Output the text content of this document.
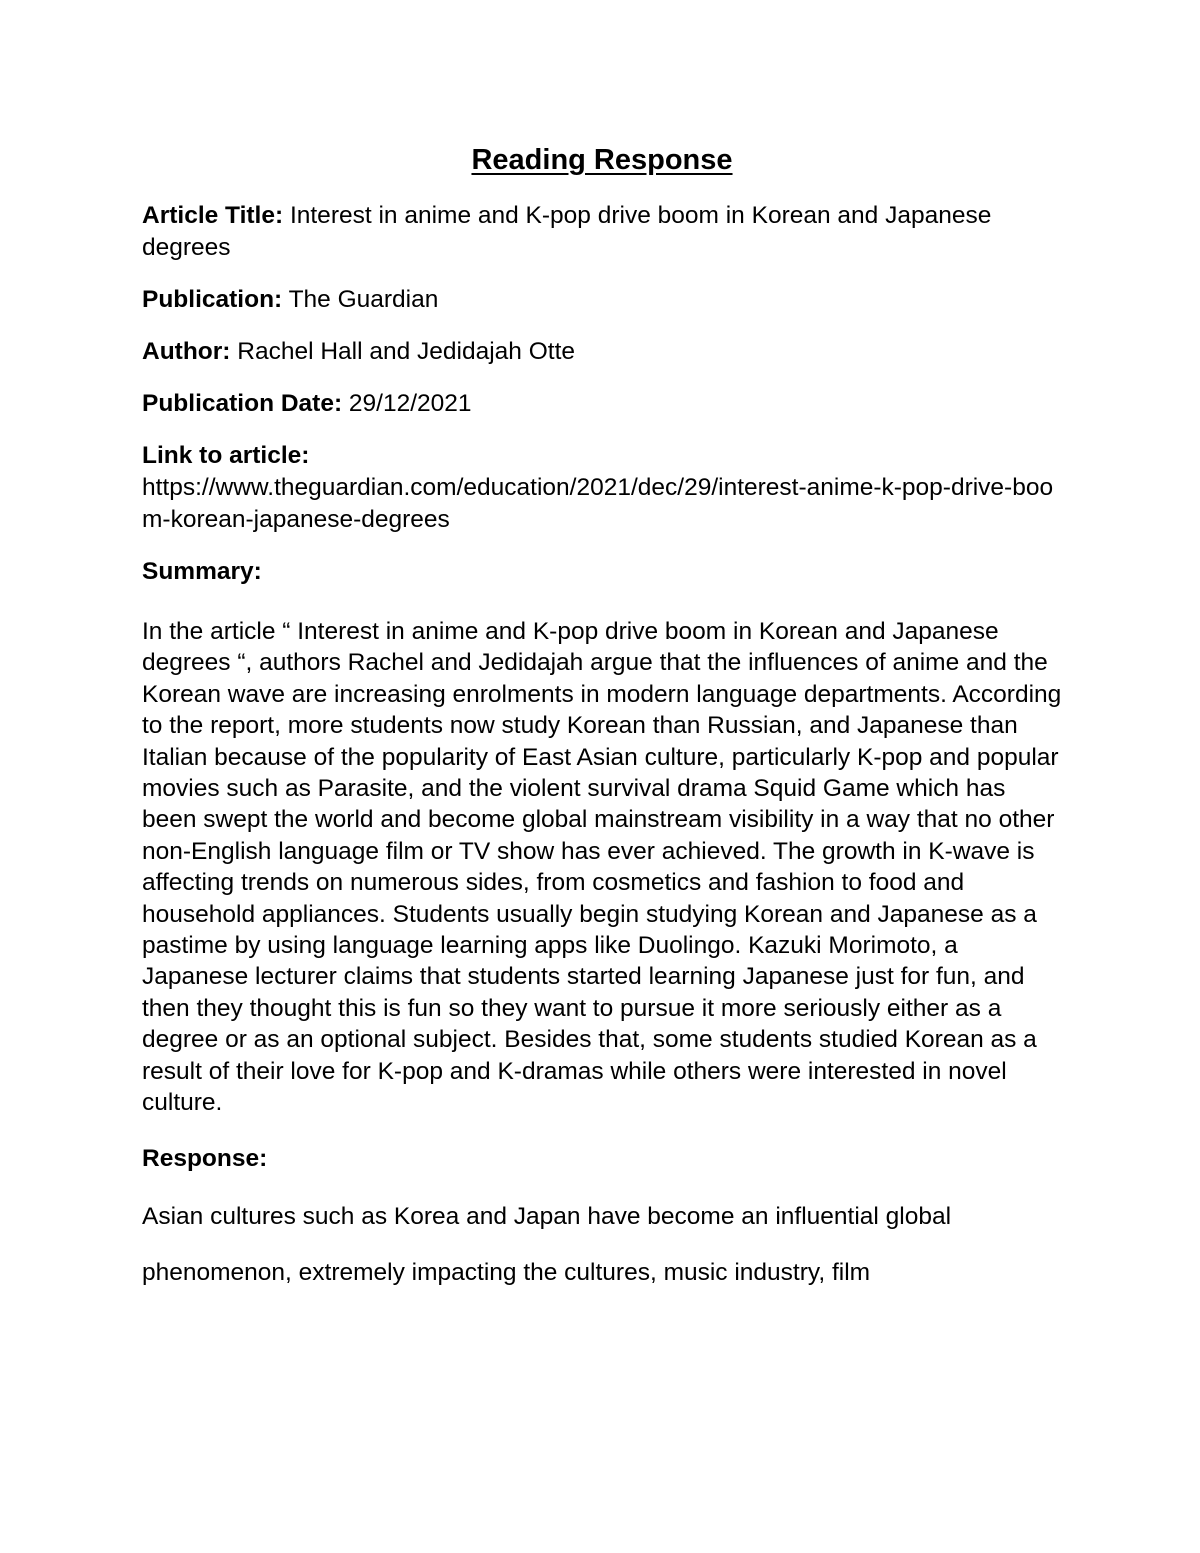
Reading Response
Article Title: Interest in anime and K-pop drive boom in Korean and Japanese degrees
Publication: The Guardian
Author: Rachel Hall and Jedidajah Otte
Publication Date: 29/12/2021
Link to article:
https://www.theguardian.com/education/2021/dec/29/interest-anime-k-pop-drive-boom-korean-japanese-degrees
Summary:
In the article “ Interest in anime and K-pop drive boom in Korean and Japanese degrees “, authors Rachel and Jedidajah argue that the influences of anime and the Korean wave are increasing enrolments in modern language departments. According to the report, more students now study Korean than Russian, and Japanese than Italian because of the popularity of East Asian culture, particularly K-pop and popular movies such as Parasite, and the violent survival drama Squid Game which has been swept the world and become global mainstream visibility in a way that no other non-English language film or TV show has ever achieved. The growth in K-wave is affecting trends on numerous sides, from cosmetics and fashion to food and household appliances. Students usually begin studying Korean and Japanese as a pastime by using language learning apps like Duolingo. Kazuki Morimoto, a Japanese lecturer claims that students started learning Japanese just for fun, and then they thought this is fun so they want to pursue it more seriously either as a degree or as an optional subject. Besides that, some students studied Korean as a result of their love for K-pop and K-dramas while others were interested in novel culture.
Response:
Asian cultures such as Korea and Japan have become an influential global phenomenon, extremely impacting the cultures, music industry, film
